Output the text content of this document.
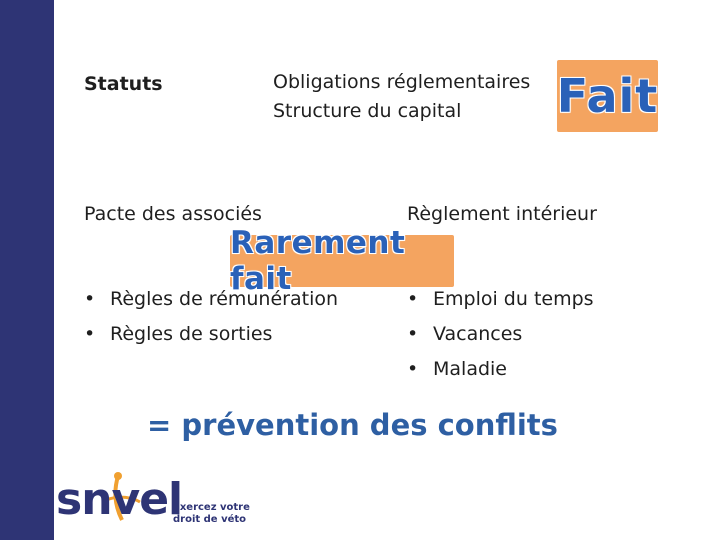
Statuts	Obligations réglementaires
Structure du capital Fait
Pacte des associés	Règlement intérieur
Rarement fait
• Règles de rémunération
• Règles de sorties
• Emploi du temps
• Vacances
• Maladie
= prévention des conflits
snvel
Exercez votre
droit de véto
